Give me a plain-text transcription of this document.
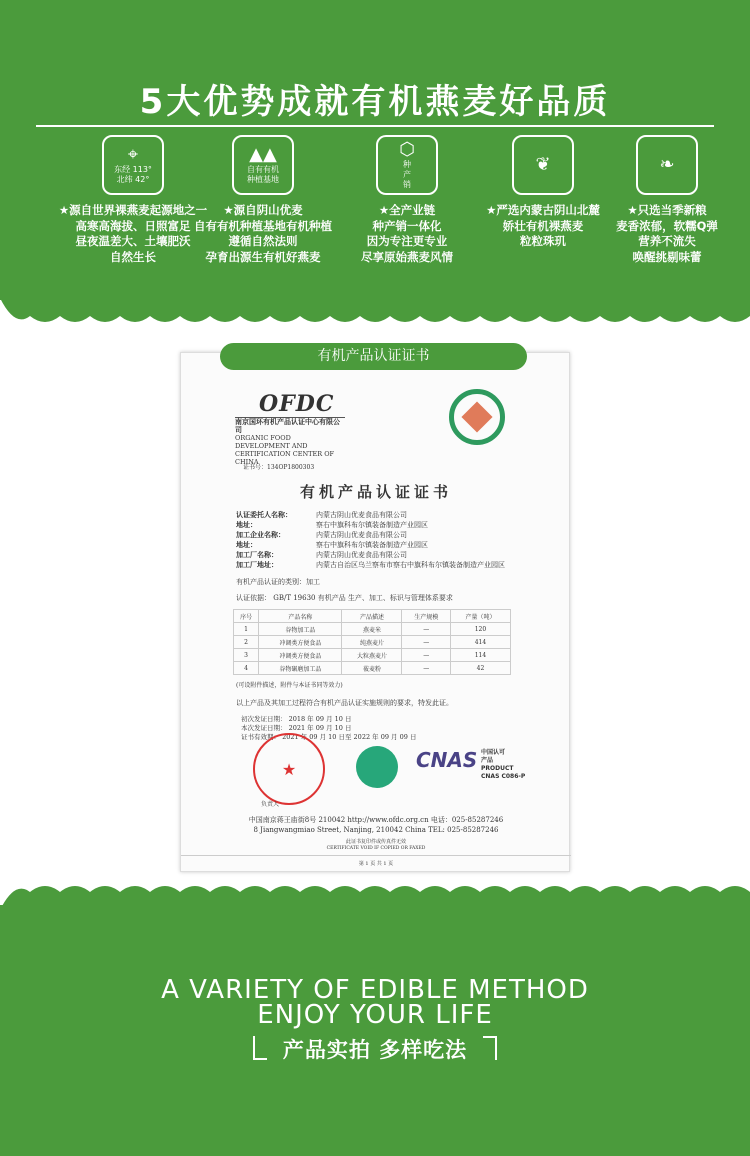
5大优势成就有机燕麦好品质
⌖
东经 113°
北纬 42°
★源自世界裸燕麦起源地之一
高寒高海拔、日照富足
昼夜温差大、土壤肥沃
自然生长
▲▲
自有有机
种植基地
★源自阴山优麦
自有有机种植基地有机种植
遵循自然法则
孕育出源生有机好燕麦
⬡
种
产
销
★全产业链
种产销一体化
因为专注更专业
尽享原始燕麦风情
❦
★严选内蒙古阴山北麓
娇壮有机裸燕麦
粒粒珠玑
❧
★只选当季新粮
麦香浓郁，软糯Q弹
营养不流失
唤醒挑剔味蕾
有机产品认证证书
OFDC
南京国环有机产品认证中心有限公司
ORGANIC FOOD DEVELOPMENT AND
CERTIFICATION CENTER OF CHINA
证书号：134OP1800303
有机产品认证证书
认证委托人名称：	内蒙古阴山优麦食品有限公司
地址：	察右中旗科布尔镇装备制造产业园区
加工企业名称：	内蒙古阴山优麦食品有限公司
地址：	察右中旗科布尔镇装备制造产业园区
加工厂名称：	内蒙古阴山优麦食品有限公司
加工厂地址：	内蒙古自治区乌兰察布市察右中旗科布尔镇装备制造产业园区
有机产品认证的类别：加工
认证依据： GB/T 19630 有机产品 生产、加工、标识与管理体系要求
序号	产品名称	产品描述	生产规模	产量（吨）
1	谷物加工品	燕麦米	—	120
2	冲调类方便食品	纯燕麦片	—	414
3	冲调类方便食品	大粒燕麦片	—	114
4	谷物碾磨加工品	莜麦粉	—	42
(可设附件描述，附件与本证书同等效力)
以上产品及其加工过程符合有机产品认证实施规则的要求，特发此证。
初次发证日期： 2018 年 09 月 10 日
本次发证日期： 2021 年 09 月 10 日
证书有效期： 2021 年 09 月 10 日至 2022 年 09 月 09 日
★
负责人
CNAS 中国认可
产品
PRODUCT
CNAS C086-P
中国南京蒋王庙街8号 210042 http://www.ofdc.org.cn 电话：025-85287246
8 Jiangwangmiao Street, Nanjing, 210042 China TEL: 025-85287246
此证书复印件或传真件无效
CERTIFICATE VOID IF COPIED OR FAXED
第 1 页 共 1 页
A VARIETY OF EDIBLE METHOD
ENJOY YOUR LIFE
产品实拍 多样吃法
